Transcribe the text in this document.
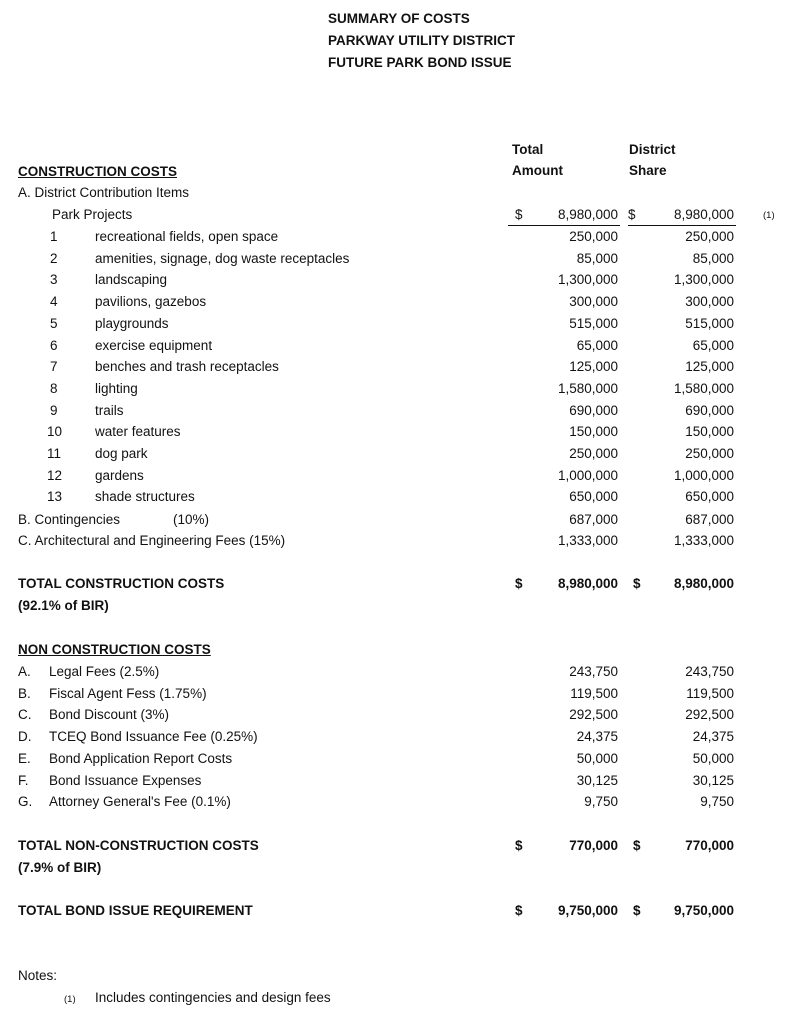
SUMMARY OF COSTS
PARKWAY UTILITY DISTRICT
FUTURE PARK BOND ISSUE
Total
Amount
District
Share
CONSTRUCTION COSTS
A. District Contribution Items
Park Projects	$	8,980,000 $	8,980,000	(1)
1	recreational fields, open space	250,000	250,000
2	amenities, signage, dog waste receptacles	85,000	85,000
3	landscaping	1,300,000	1,300,000
4	pavilions, gazebos	300,000	300,000
5	playgrounds	515,000	515,000
6	exercise equipment	65,000	65,000
7	benches and trash receptacles	125,000	125,000
8	lighting	1,580,000	1,580,000
9	trails	690,000	690,000
10 water features	150,000	150,000
11	dog park	250,000	250,000
12 gardens	1,000,000	1,000,000
13 shade structures	650,000	650,000
B. Contingencies	(10%)	687,000	687,000
C. Architectural and Engineering Fees (15%)	1,333,000	1,333,000
TOTAL CONSTRUCTION COSTS
(92.1% of BIR)
$	8,980,000 $	8,980,000
NON CONSTRUCTION COSTS
A. Legal Fees (2.5%)	243,750	243,750
B. Fiscal Agent Fess (1.75%)	119,500	119,500
C. Bond Discount (3%)	292,500	292,500
D. TCEQ Bond Issuance Fee (0.25%)	24,375	24,375
E. Bond Application Report Costs	50,000	50,000
F. Bond Issuance Expenses	30,125	30,125
G. Attorney General's Fee (0.1%)	9,750	9,750
TOTAL NON-CONSTRUCTION COSTS
(7.9% of BIR)
$	770,000 $	770,000
TOTAL BOND ISSUE REQUIREMENT	$	9,750,000 $	9,750,000
Notes:
(1) Includes contingencies and design fees
